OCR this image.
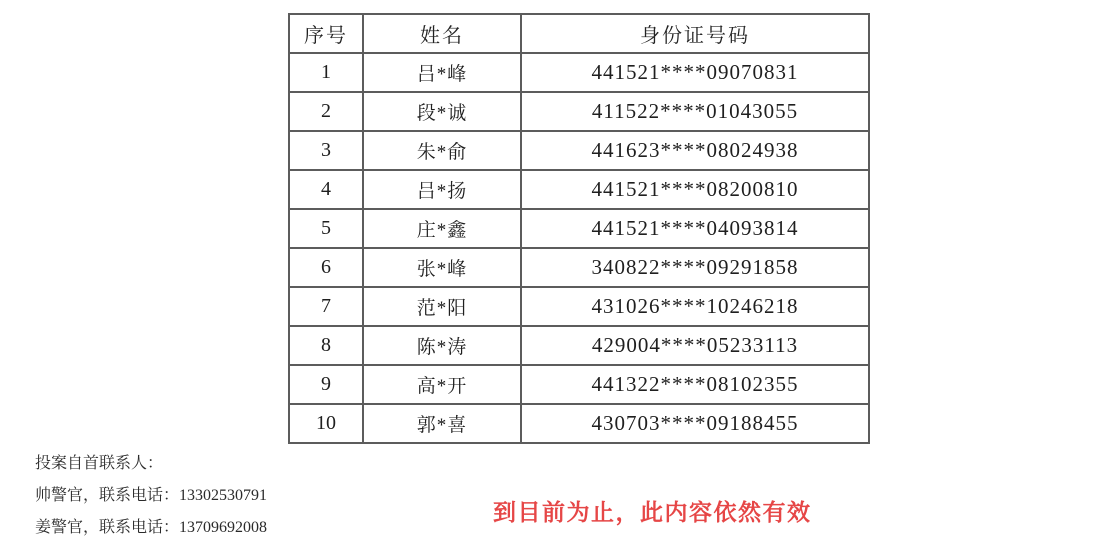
序号	姓名	身份证号码
1	吕*峰	441521****09070831
2	段*诚	411522****01043055
3	朱*俞	441623****08024938
4	吕*扬	441521****08200810
5	庄*鑫	441521****04093814
6	张*峰	340822****09291858
7	范*阳	431026****10246218
8	陈*涛	429004****05233113
9	高*开	441322****08102355
10	郭*喜	430703****09188455
投案自首联系人：
帅警官，联系电话：13302530791
姜警官，联系电话：13709692008
到目前为止，此内容依然有效
